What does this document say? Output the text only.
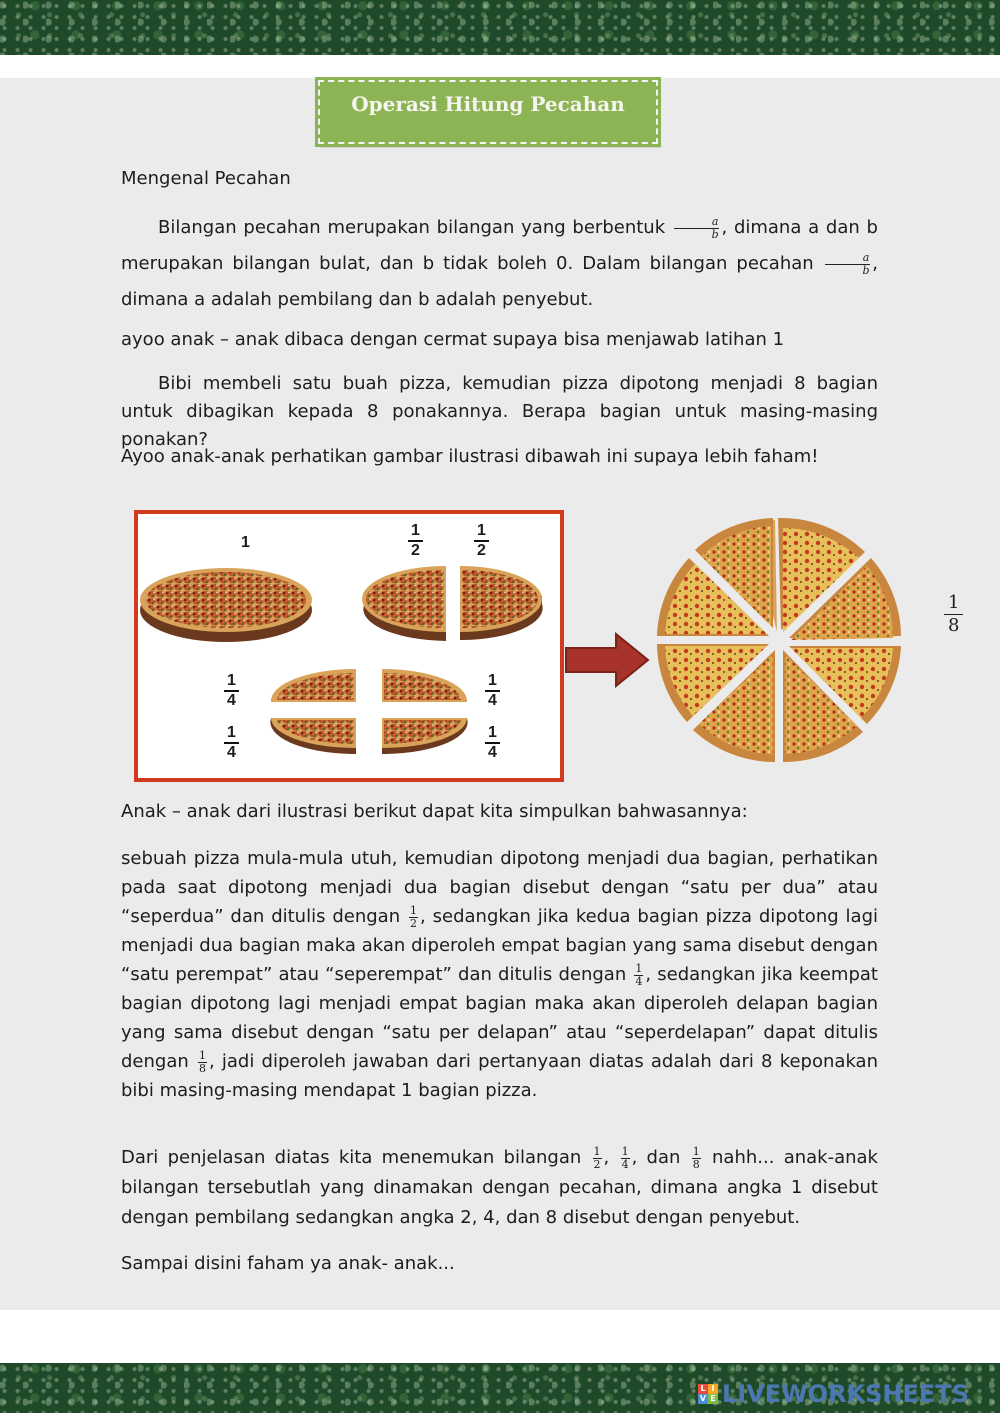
Operasi Hitung Pecahan
Mengenal Pecahan
Bilangan pecahan merupakan bilangan yang berbentuk $\frac{a}{b}$ , dimana a dan b merupakan bilangan bulat, dan b tidak boleh 0. Dalam bilangan pecahan $\frac{a}{b}$ , dimana a adalah pembilang dan b adalah penyebut.
ayoo anak – anak dibaca dengan cermat supaya bisa menjawab latihan 1
Bibi membeli satu buah pizza, kemudian pizza dipotong menjadi 8 bagian untuk dibagikan kepada 8 ponakannya. Berapa bagian untuk masing-masing ponakan?
Ayoo anak-anak perhatikan gambar ilustrasi dibawah ini supaya lebih faham!
1
1
2
1
2
1
4
1
4
1
4
1
4
$\frac{1}{8}$
Anak – anak dari ilustrasi berikut dapat kita simpulkan bahwasannya:
sebuah pizza mula-mula utuh, kemudian dipotong menjadi dua bagian, perhatikan pada saat dipotong menjadi dua bagian disebut dengan “satu per dua” atau “seperdua” dan ditulis dengan $\frac{1}{2}$ , sedangkan jika kedua bagian pizza dipotong lagi menjadi dua bagian maka akan diperoleh empat bagian yang sama disebut dengan “satu perempat” atau “seperempat” dan ditulis dengan $\frac{1}{4}$ , sedangkan jika keempat bagian dipotong lagi menjadi empat bagian maka akan diperoleh delapan bagian yang sama disebut dengan “satu per delapan” atau “seperdelapan” dapat ditulis dengan $\frac{1}{8}$ , jadi diperoleh jawaban dari pertanyaan diatas adalah dari 8 keponakan bibi masing-masing mendapat 1 bagian pizza.
Dari penjelasan diatas kita menemukan bilangan $\frac{1}{2}$ , $\frac{1}{4}$ , dan $\frac{1}{8}$ nahh... anak-anak bilangan tersebutlah yang dinamakan dengan pecahan, dimana angka 1 disebut dengan pembilang sedangkan angka 2, 4, dan 8 disebut dengan penyebut.
Sampai disini faham ya anak- anak...
L I
V E LIVEWORKSHEETS
